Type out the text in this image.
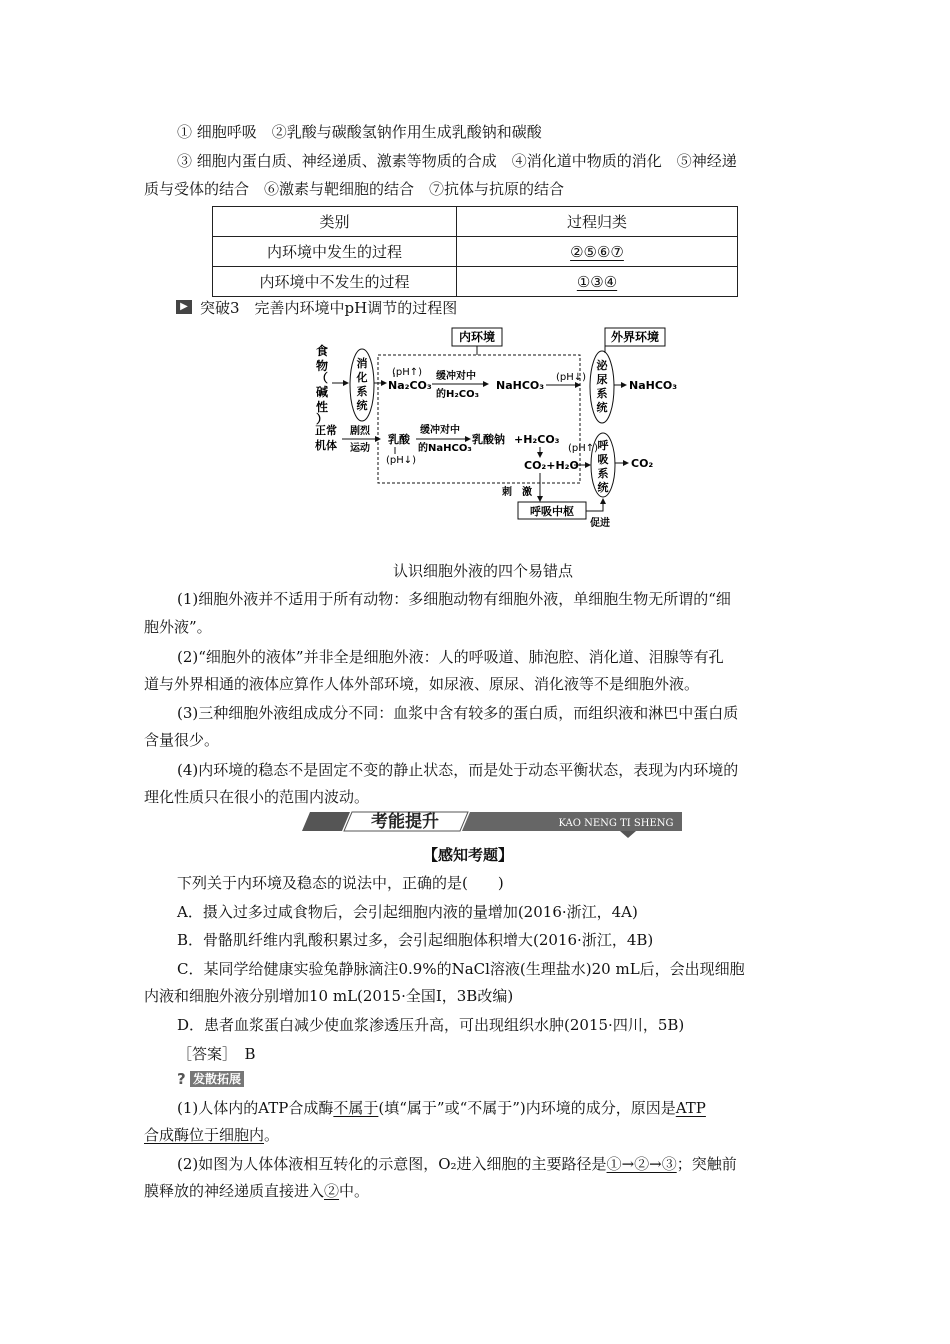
① 细胞呼吸　②乳酸与碳酸氢钠作用生成乳酸钠和碳酸
③ 细胞内蛋白质、神经递质、激素等物质的合成　④消化道中物质的消化　⑤神经递
质与受体的结合　⑥激素与靶细胞的结合　⑦抗体与抗原的结合
类别	过程归类
内环境中发生的过程	②⑤⑥⑦
内环境中不发生的过程	①③④
▶ 突破3　完善内环境中pH调节的过程图
内环境	外界环境
食
物
（
碱
性
）
消
化
系
统
(pH↑)
Na₂CO₃
缓冲对中
的H₂CO₃
NaHCO₃
(pH↓)
泌
尿
系
统
NaHCO₃
正常
机体
剧烈
运动
乳酸
(pH↓)
缓冲对中
的NaHCO₃
乳酸钠 +H₂CO₃
(pH↑)
CO₂+H₂O
呼
吸
系
统
CO₂
刺　激
呼吸中枢
促进
认识细胞外液的四个易错点
(1)细胞外液并不适用于所有动物：多细胞动物有细胞外液，单细胞生物无所谓的“细
胞外液”。
(2)“细胞外的液体”并非全是细胞外液：人的呼吸道、肺泡腔、消化道、泪腺等有孔
道与外界相通的液体应算作人体外部环境，如尿液、原尿、消化液等不是细胞外液。
(3)三种细胞外液组成成分不同：血浆中含有较多的蛋白质，而组织液和淋巴中蛋白质
含量很少。
(4)内环境的稳态不是固定不变的静止状态，而是处于动态平衡状态，表现为内环境的
理化性质只在很小的范围内波动。
考能提升	KAO NENG TI SHENG
【感知考题】
下列关于内环境及稳态的说法中，正确的是(　　)
A．摄入过多过咸食物后，会引起细胞内液的量增加(2016·浙江，4A)
B．骨骼肌纤维内乳酸积累过多，会引起细胞体积增大(2016·浙江，4B)
C．某同学给健康实验兔静脉滴注0.9%的NaCl溶液(生理盐水)20 mL后，会出现细胞
内液和细胞外液分别增加10 mL(2015·全国Ⅰ，3B改编)
D．患者血浆蛋白减少使血浆渗透压升高，可出现组织水肿(2015·四川，5B)
［答案］　B
? 发散拓展
(1)人体内的ATP合成酶不属于(填“属于”或“不属于”)内环境的成分，原因是ATP
合成酶位于细胞内。
(2)如图为人体体液相互转化的示意图，O₂进入细胞的主要路径是①→②→③；突触前
膜释放的神经递质直接进入②中。
